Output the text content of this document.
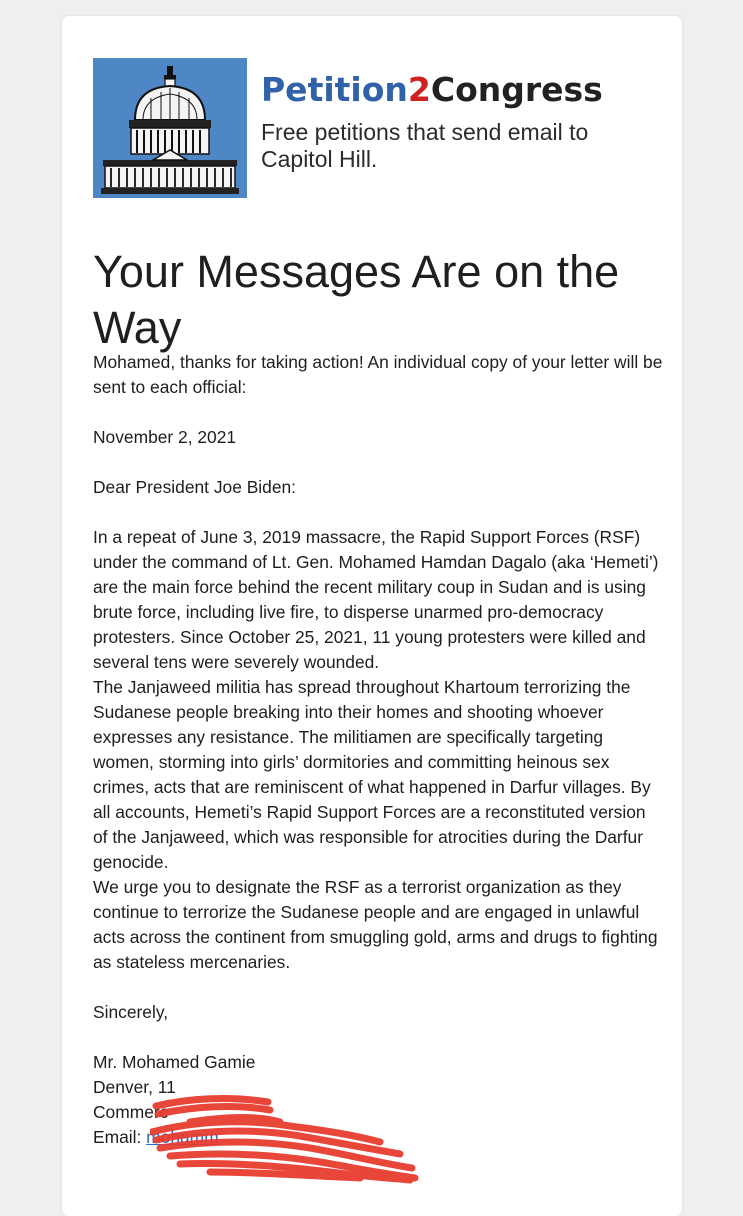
Petition2Congress
Free petitions that send email to Capitol Hill.
Your Messages Are on the Way

Mohamed, thanks for taking action! An individual copy of your letter will be sent to each official:

November 2, 2021

Dear President Joe Biden:

In a repeat of June 3, 2019 massacre, the Rapid Support Forces (RSF) under the command of Lt. Gen. Mohamed Hamdan Dagalo (aka ‘Hemeti’) are the main force behind the recent military coup in Sudan and is using brute force, including live fire, to disperse unarmed pro-democracy protesters. Since October 25, 2021, 11 young protesters were killed and several tens were severely wounded.

The Janjaweed militia has spread throughout Khartoum terrorizing the Sudanese people breaking into their homes and shooting whoever expresses any resistance. The militiamen are specifically targeting women, storming into girls’ dormitories and committing heinous sex crimes, acts that are reminiscent of what happened in Darfur villages. By all accounts, Hemeti’s Rapid Support Forces are a reconstituted version of the Janjaweed, which was responsible for atrocities during the Darfur genocide.

We urge you to designate the RSF as a terrorist organization as they continue to terrorize the Sudanese people and are engaged in unlawful acts across the continent from smuggling gold, arms and drugs to fighting as stateless mercenaries.

Sincerely,

Mr. Mohamed Gamie

Denver, 11

Commerc

Email: mohamm
